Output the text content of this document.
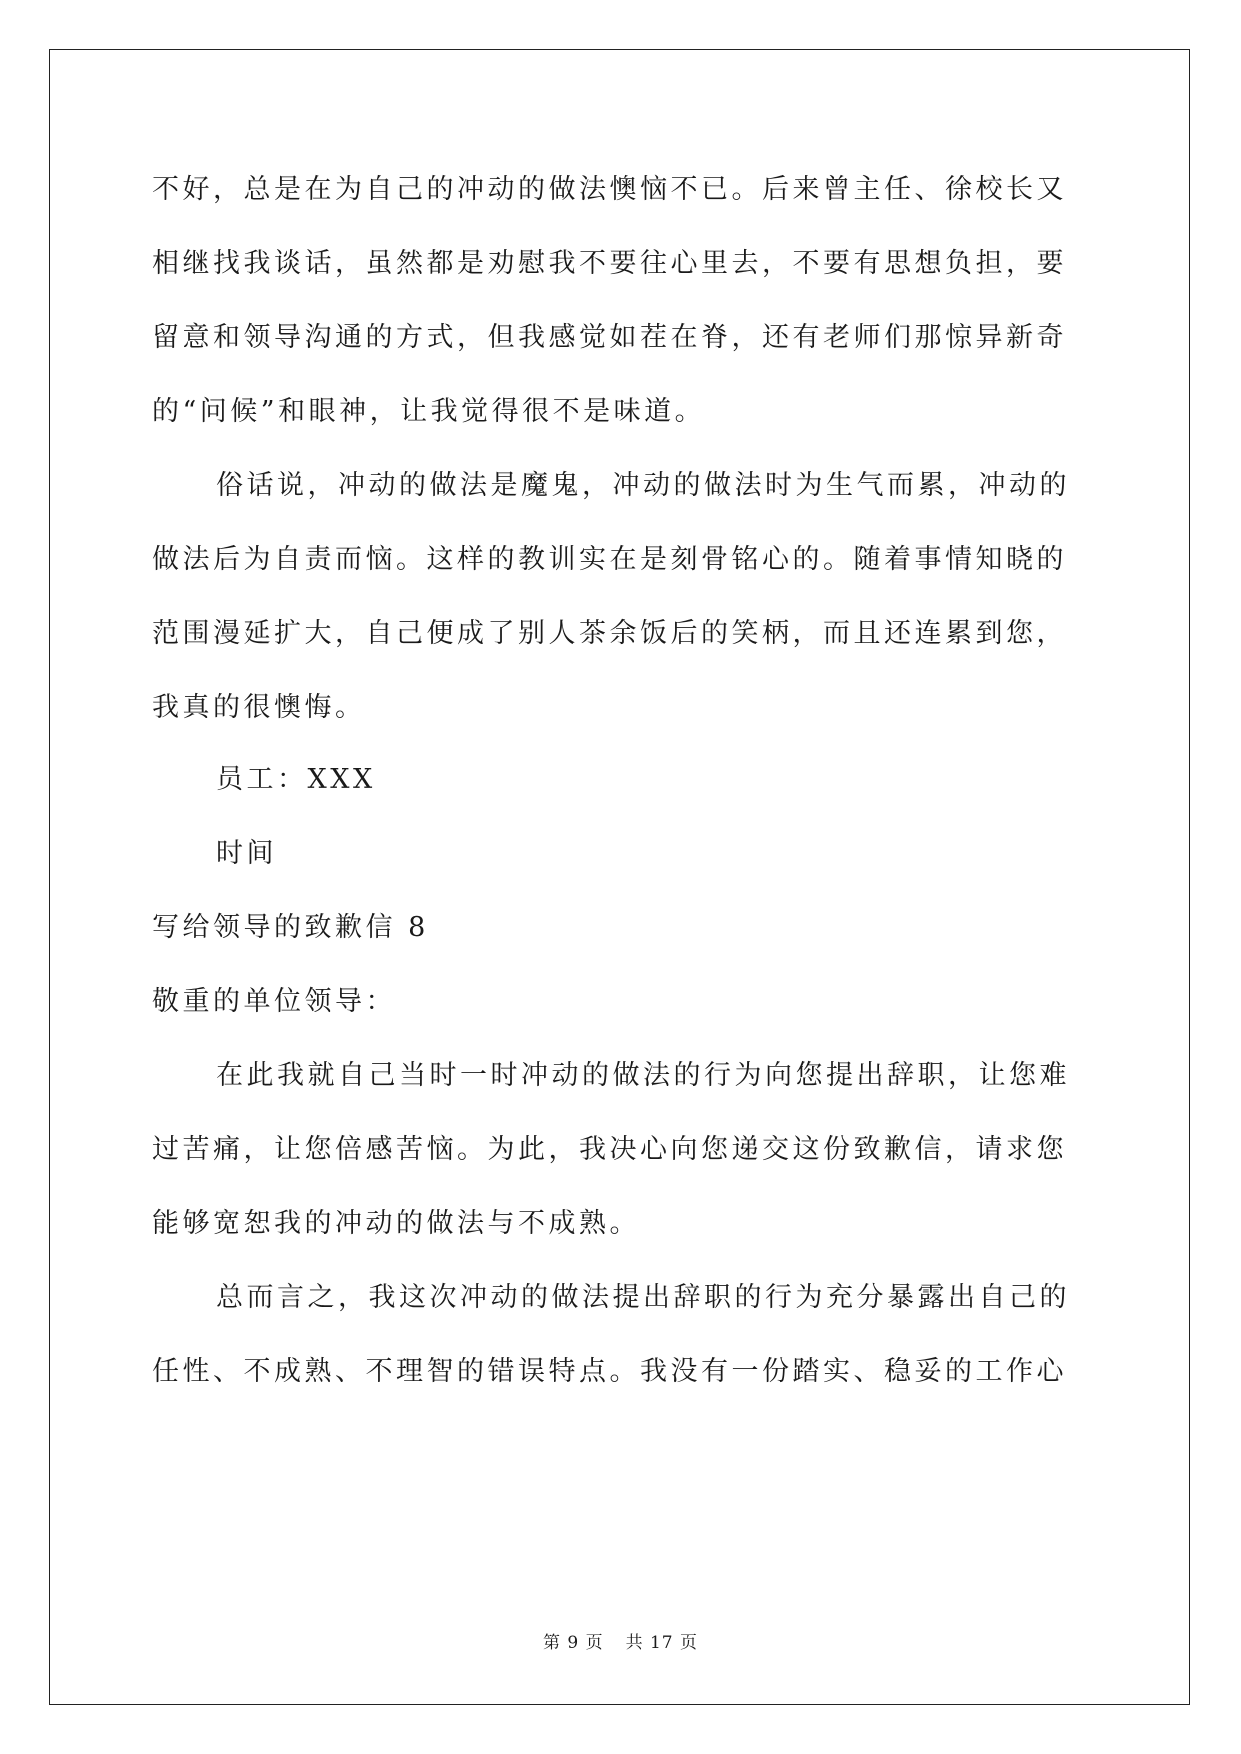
不好，总是在为自己的冲动的做法懊恼不已。后来曾主任、徐校长又
相继找我谈话，虽然都是劝慰我不要往心里去，不要有思想负担，要
留意和领导沟通的方式，但我感觉如茬在脊，还有老师们那惊异新奇
的“问候”和眼神，让我觉得很不是味道。
俗话说，冲动的做法是魔鬼，冲动的做法时为生气而累，冲动的
做法后为自责而恼。这样的教训实在是刻骨铭心的。随着事情知晓的
范围漫延扩大，自己便成了别人茶余饭后的笑柄，而且还连累到您，
我真的很懊悔。
员工：XXX
时间
写给领导的致歉信 8
敬重的单位领导：
在此我就自己当时一时冲动的做法的行为向您提出辞职，让您难
过苦痛，让您倍感苦恼。为此，我决心向您递交这份致歉信，请求您
能够宽恕我的冲动的做法与不成熟。
总而言之，我这次冲动的做法提出辞职的行为充分暴露出自己的
任性、不成熟、不理智的错误特点。我没有一份踏实、稳妥的工作心
第 9 页 共 17 页
